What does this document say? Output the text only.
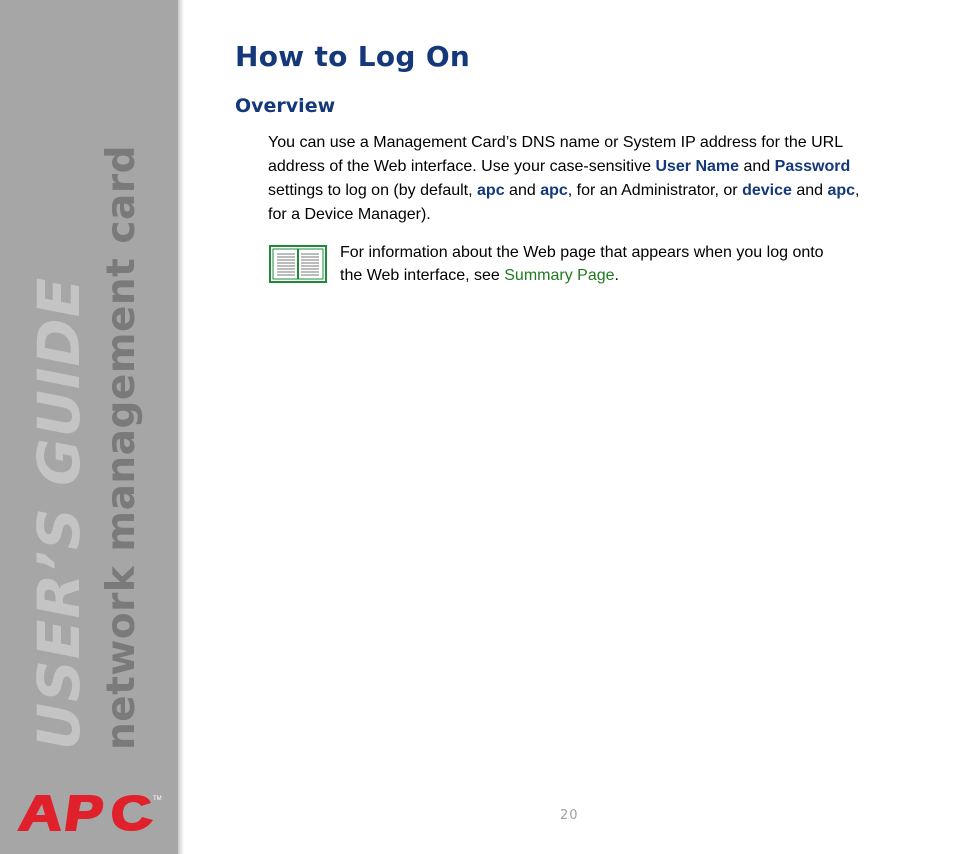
USER’S GUIDE network management card
TM
How to Log On
Overview
You can use a Management Card’s DNS name or System IP address for the URL address of the Web interface. Use your case-sensitive User Name and Password settings to log on (by default, apc and apc, for an Administrator, or device and apc, for a Device Manager).
For information about the Web page that appears when you log onto the Web interface, see Summary Page.
20
